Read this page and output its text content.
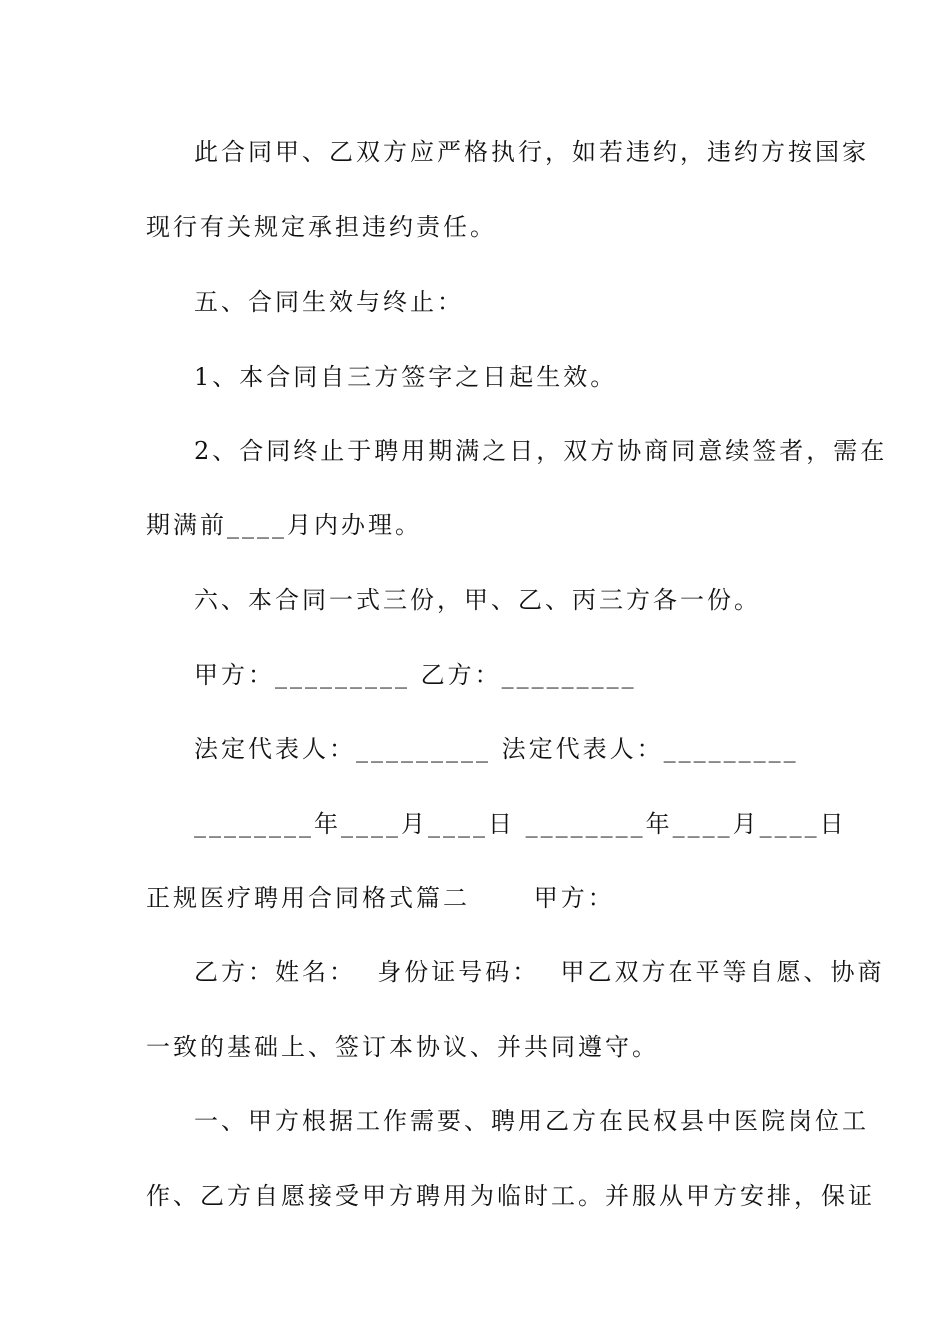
此合同甲、乙双方应严格执行，如若违约，违约方按国家
现行有关规定承担违约责任。
五、合同生效与终止：
1、本合同自三方签字之日起生效。
2、合同终止于聘用期满之日，双方协商同意续签者，需在
期满前____月内办理。
六、本合同一式三份，甲、乙、丙三方各一份。
甲方：_________ 乙方：_________
法定代表人：_________ 法定代表人：_________
________年____月____日 ________年____月____日
正规医疗聘用合同格式篇二      甲方：
乙方：姓名：  身份证号码：  甲乙双方在平等自愿、协商
一致的基础上、签订本协议、并共同遵守。
一、甲方根据工作需要、聘用乙方在民权县中医院岗位工
作、乙方自愿接受甲方聘用为临时工。并服从甲方安排，保证
